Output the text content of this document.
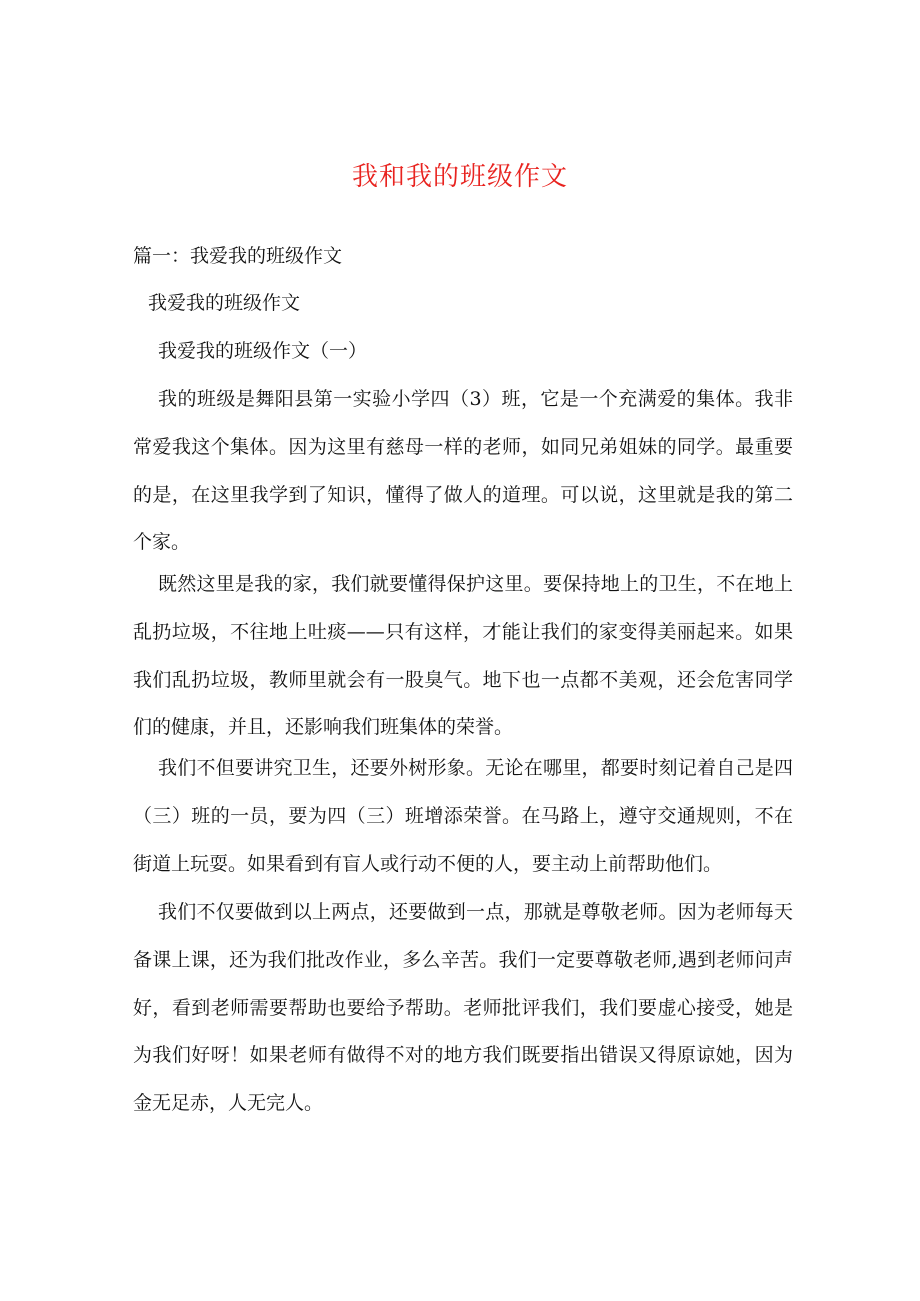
我和我的班级作文
篇一：我爱我的班级作文
我爱我的班级作文
我爱我的班级作文（一）

我的班级是舞阳县第一实验小学四（3）班，它是一个充满爱的集体。我非常爱我这个集体。因为这里有慈母一样的老师，如同兄弟姐妹的同学。最重要的是，在这里我学到了知识，懂得了做人的道理。可以说，这里就是我的第二个家。

既然这里是我的家，我们就要懂得保护这里。要保持地上的卫生，不在地上乱扔垃圾，不往地上吐痰——只有这样，才能让我们的家变得美丽起来。如果我们乱扔垃圾，教师里就会有一股臭气。地下也一点都不美观，还会危害同学们的健康，并且，还影响我们班集体的荣誉。

我们不但要讲究卫生，还要外树形象。无论在哪里，都要时刻记着自己是四（三）班的一员，要为四（三）班增添荣誉。在马路上，遵守交通规则，不在街道上玩耍。如果看到有盲人或行动不便的人，要主动上前帮助他们。

我们不仅要做到以上两点，还要做到一点，那就是尊敬老师。因为老师每天备课上课，还为我们批改作业，多么辛苦。我们一定要尊敬老师,遇到老师问声好，看到老师需要帮助也要给予帮助。老师批评我们，我们要虚心接受，她是为我们好呀！如果老师有做得不对的地方我们既要指出错误又得原谅她，因为金无足赤，人无完人。
